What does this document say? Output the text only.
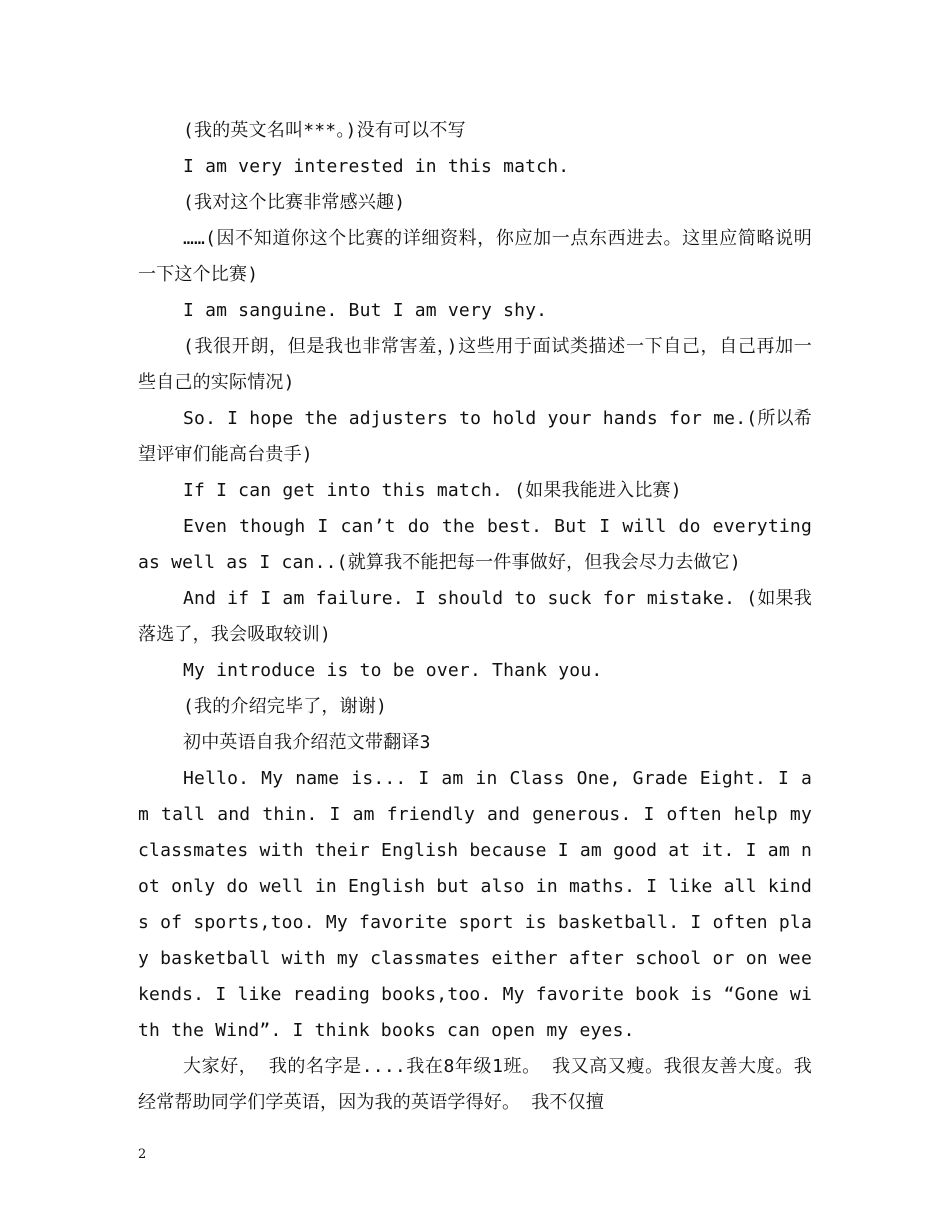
(我的英文名叫***。)没有可以不写

I am very interested in this match.

(我对这个比赛非常感兴趣)

……(因不知道你这个比赛的详细资料，你应加一点东西进去。这里应简略说明一下这个比赛)

I am sanguine. But I am very shy.

(我很开朗，但是我也非常害羞，)这些用于面试类描述一下自己，自己再加一些自己的实际情况)

So. I hope the adjusters to hold your hands for me.(所以希望评审们能高台贵手)

If I can get into this match. (如果我能进入比赛)

Even though I can’t do the best. But I will do everyting as well as I can..(就算我不能把每一件事做好，但我会尽力去做它)

And if I am failure. I should to suck for mistake. (如果我落选了，我会吸取较训)

My introduce is to be over. Thank you.

(我的介绍完毕了，谢谢)

初中英语自我介绍范文带翻译3

Hello. My name is... I am in Class One, Grade Eight. I am tall and thin. I am friendly and generous. I often help my classmates with their English because I am good at it. I am not only do well in English but also in maths. I like all kinds of sports,too. My favorite sport is basketball. I often play basketball with my classmates either after school or on weekends. I like reading books,too. My favorite book is “Gone with the Wind”. I think books can open my eyes.

大家好， 我的名字是....我在8年级1班。 我又高又瘦。我很友善大度。我经常帮助同学们学英语，因为我的英语学得好。 我不仅擅

2
